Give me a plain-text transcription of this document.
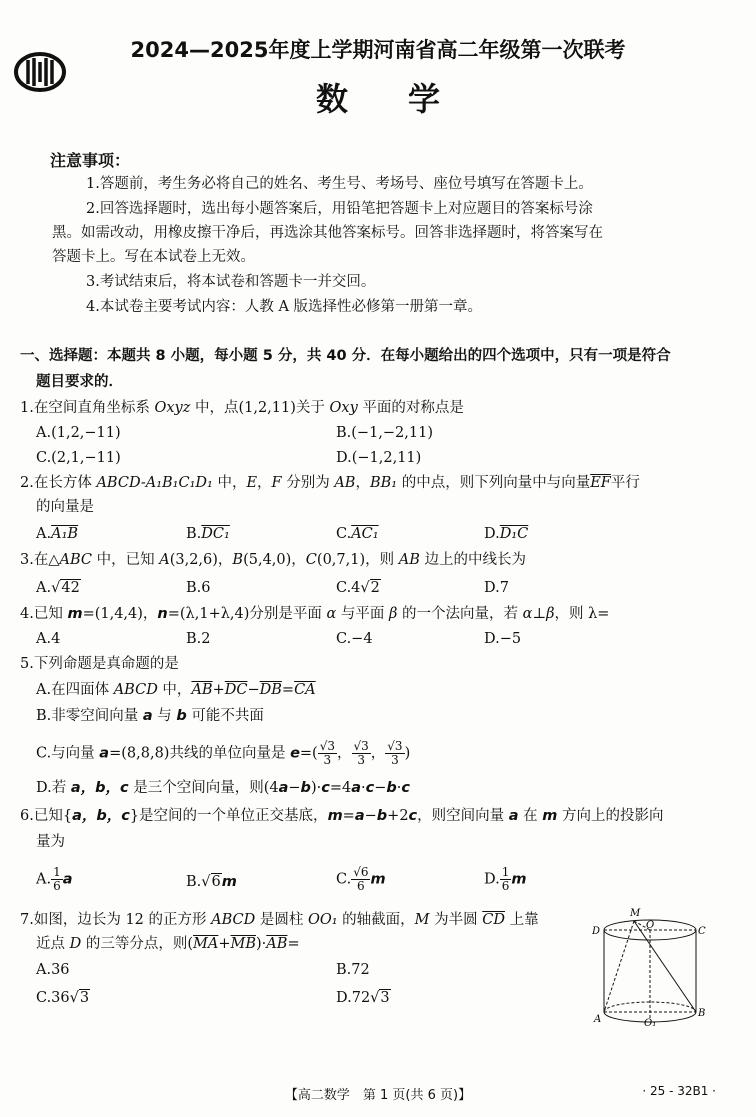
2024—2025年度上学期河南省高二年级第一次联考
数学
注意事项：
1.答题前，考生务必将自己的姓名、考生号、考场号、座位号填写在答题卡上。
2.回答选择题时，选出每小题答案后，用铅笔把答题卡上对应题目的答案标号涂
黑。如需改动，用橡皮擦干净后，再选涂其他答案标号。回答非选择题时，将答案写在
答题卡上。写在本试卷上无效。
3.考试结束后，将本试卷和答题卡一并交回。
4.本试卷主要考试内容：人教 A 版选择性必修第一册第一章。
一、选择题：本题共 8 小题，每小题 5 分，共 40 分．在每小题给出的四个选项中，只有一项是符合
题目要求的．
1.在空间直角坐标系 Oxyz 中，点(1,2,11)关于 Oxy 平面的对称点是
A.(1,2,−11)	B.(−1,−2,11)
C.(2,1,−11)	D.(−1,2,11)
2.在长方体 ABCD-A₁B₁C₁D₁ 中，E，F 分别为 AB，BB₁ 的中点，则下列向量中与向量$\overline{EF}$平行
的向量是
A.A₁B	B.DC₁	C.AC₁	D.D₁C
3.在△ABC 中，已知 A(3,2,6)，B(5,4,0)，C(0,7,1)，则 AB 边上的中线长为
A.√42	B.6	C.4√2	D.7
4.已知 m=(1,4,4)，n=(λ,1+λ,4)分别是平面 α 与平面 β 的一个法向量，若 α⊥β，则 λ=
A.4	B.2	C.−4	D.−5
5.下列命题是真命题的是
A.在四面体 ABCD 中，$\overline{AB}+\overline{DC}-\overline{DB}=\overline{CA}$
B.非零空间向量 a 与 b 可能不共面
C.与向量 a=(8,8,8)共线的单位向量是 $e=( \frac{√3}{3}$ ， $\frac{√3}{3}$ ， $\frac{√3}{3}$ )
D.若 a，b，c 是三个空间向量，则(4a−b)·c=4a·c−b·c
6.已知{a，b，c}是空间的一个单位正交基底，m=a−b+2c，则空间向量 a 在 m 方向上的投影向
量为
A. $\frac{1}{6}$ a	B.√6m	C. $\frac{√6}{6}$ m	D. $\frac{1}{6}$ m
7.如图，边长为 12 的正方形 ABCD 是圆柱 OO₁ 的轴截面，M 为半圆 $\overline{CD}$ 上靠
近点 D 的三等分点，则$(\overline{MA}+\overline{MB})\cdot\overline{AB}=$
A.36	B.72
C.36√3	D.72√3
M
O
D	C
A	O₁
B
【高二数学　第 1 页(共 6 页)】	· 25 - 32B1 ·
